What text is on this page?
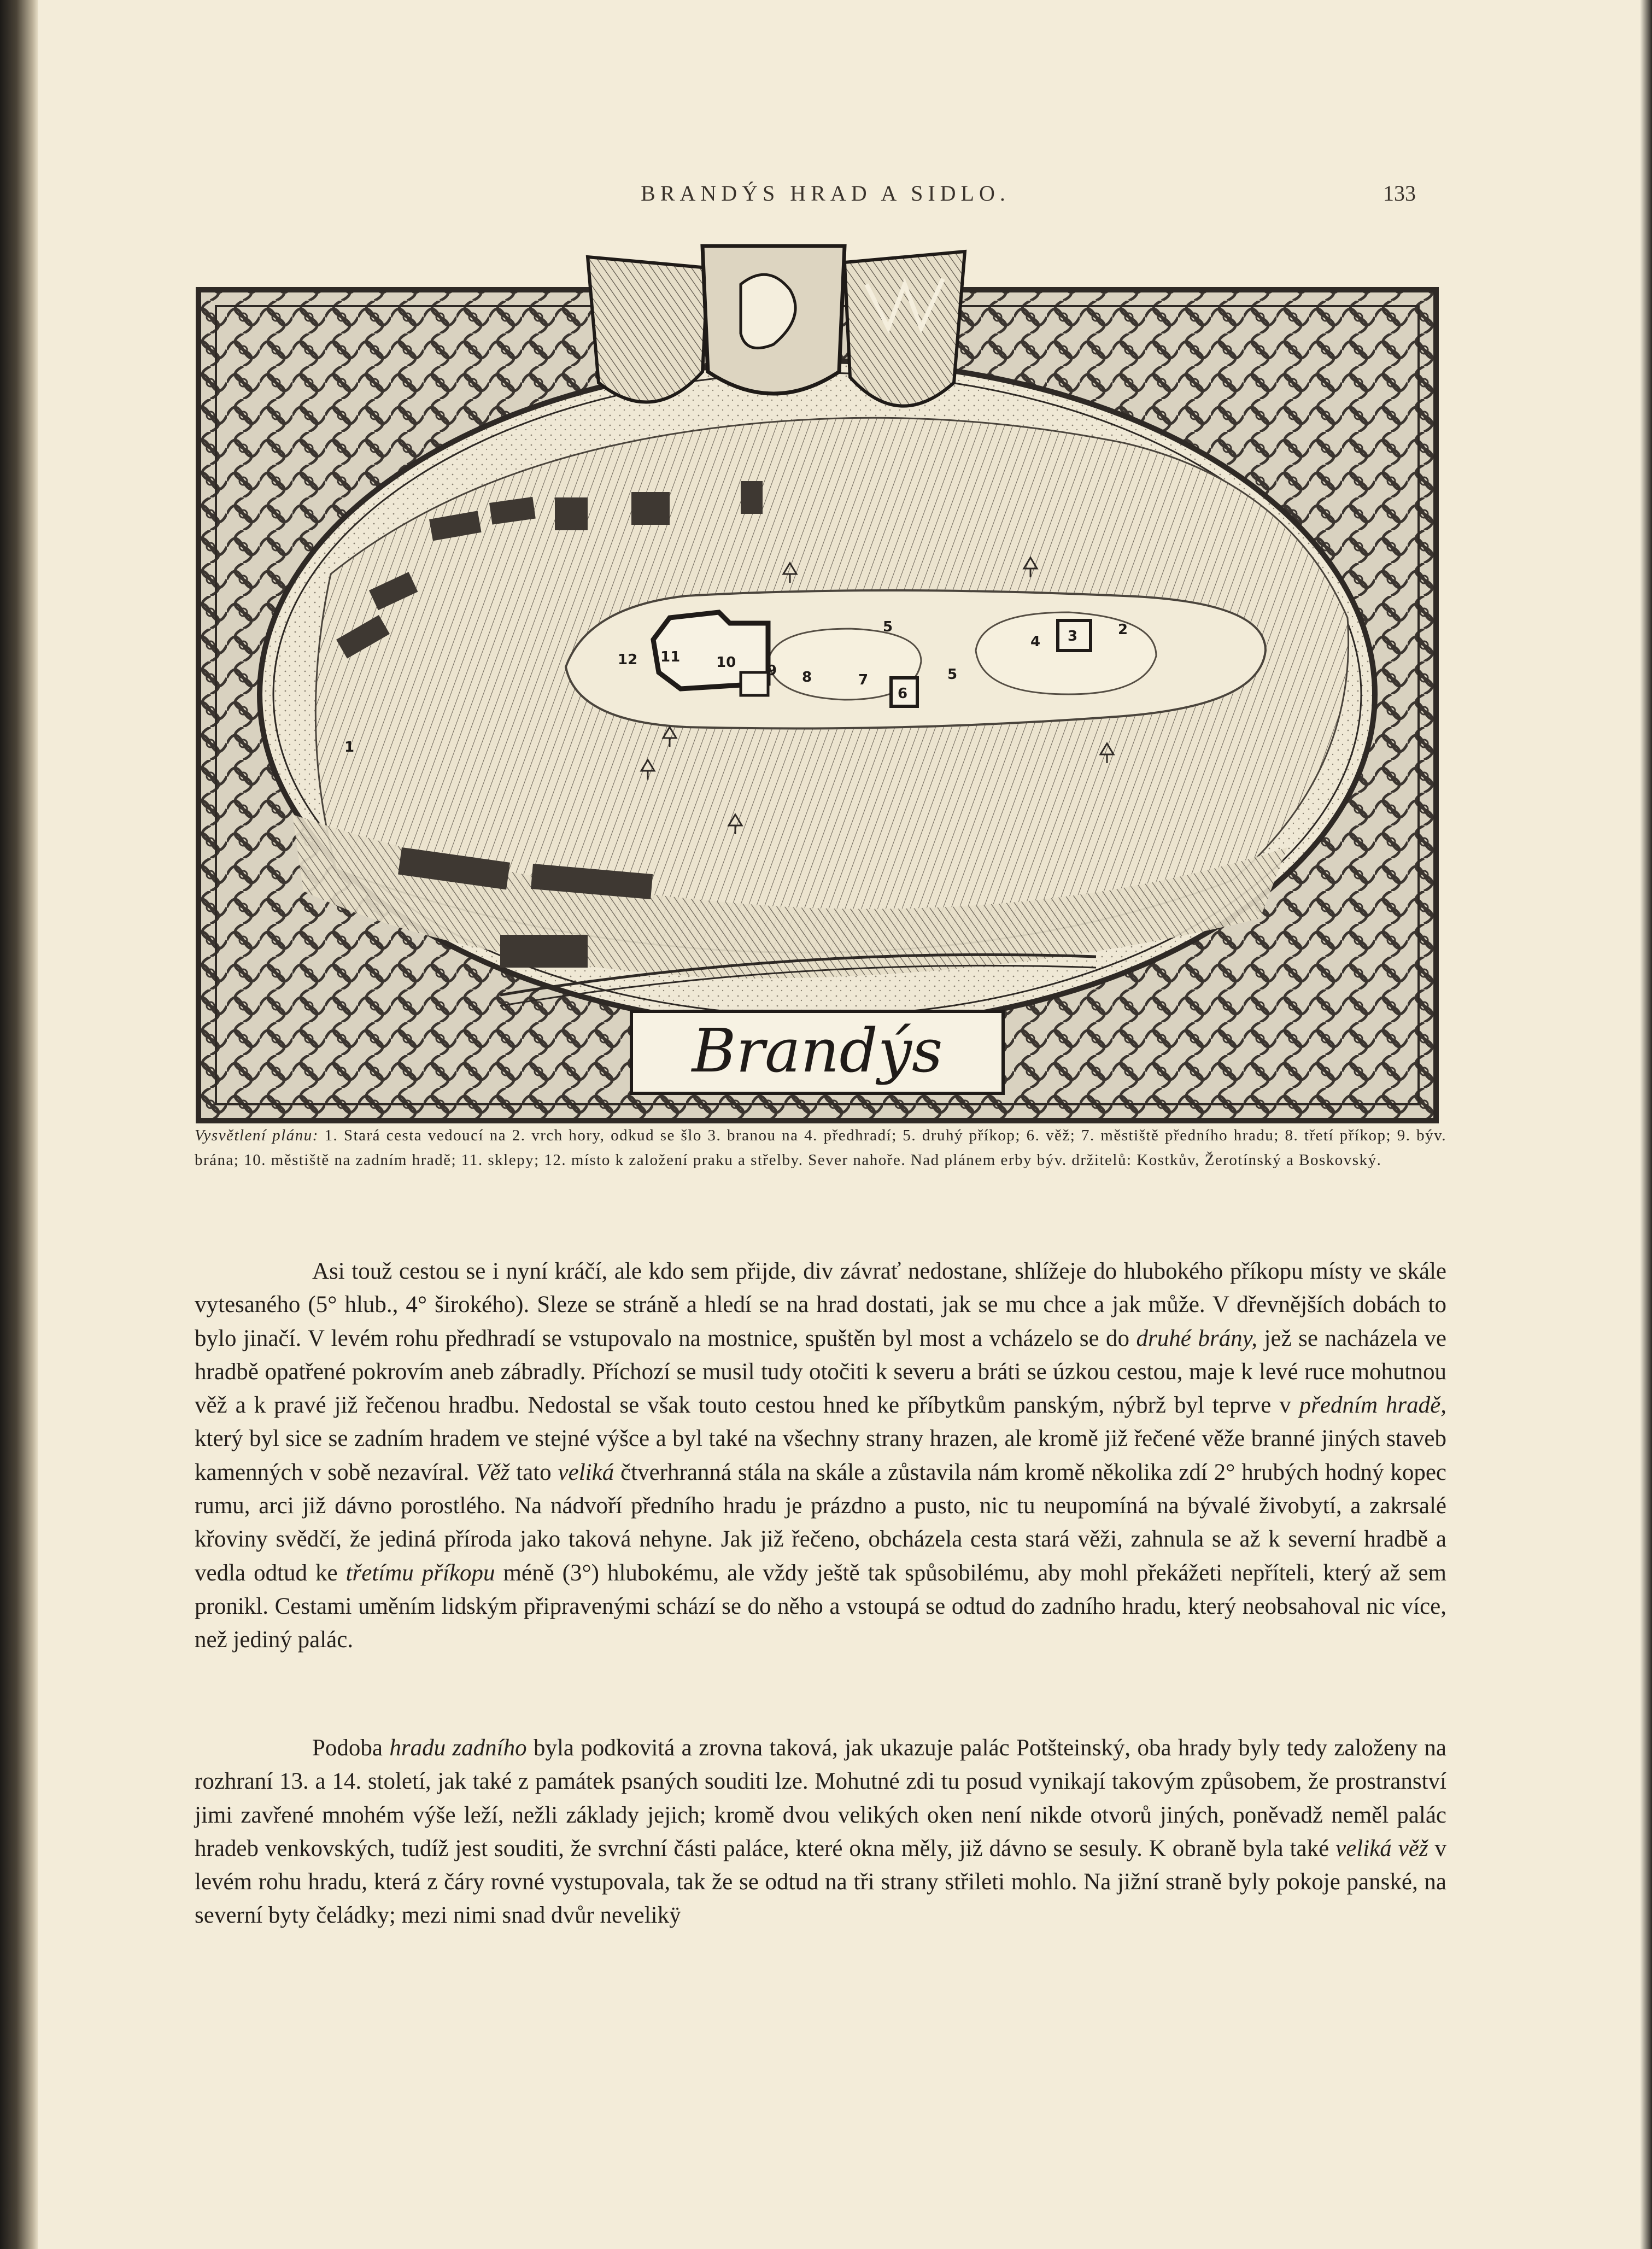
BRANDÝS HRAD A SIDLO.	133
1
2
3
4
5
5
6
7
8
9
10
11
12
Brandýs
Vysvětlení plánu: 1. Stará cesta vedoucí na 2. vrch hory, odkud se šlo 3. branou na 4. předhradí; 5. druhý příkop; 6. věž; 7. městiště předního hradu; 8. třetí příkop; 9. býv. brána; 10. městiště na zadním hradě; 11. sklepy; 12. místo k založení praku a střelby. Sever nahoře. Nad plánem erby býv. držitelů: Kostkův, Žerotínský a Boskovský.

Asi touž cestou se i nyní kráčí, ale kdo sem přijde, div závrať nedostane, shlížeje do hlubokého příkopu místy ve skále vytesaného (5° hlub., 4° širokého). Sleze se stráně a hledí se na hrad dostati, jak se mu chce a jak může. V dřevnějších dobách to bylo jinačí. V levém rohu předhradí se vstupovalo na mostnice, spuštěn byl most a vcházelo se do druhé brány, jež se nacházela ve hradbě opatřené pokrovím aneb zábradly. Příchozí se musil tudy otočiti k severu a bráti se úzkou cestou, maje k levé ruce mohutnou věž a k pravé již řečenou hradbu. Nedostal se však touto cestou hned ke příbytkům panským, nýbrž byl teprve v předním hradě, který byl sice se zadním hradem ve stejné výšce a byl také na všechny strany hrazen, ale kromě již řečené věže branné jiných staveb kamenných v sobě nezavíral. Věž tato veliká čtverhranná stála na skále a zůstavila nám kromě několika zdí 2° hrubých hodný kopec rumu, arci již dávno porostlého. Na nádvoří předního hradu je prázdno a pusto, nic tu neupomíná na bývalé živobytí, a zakrsalé křoviny svědčí, že jediná příroda jako taková nehyne. Jak již řečeno, obcházela cesta stará věži, zahnula se až k severní hradbě a vedla odtud ke třetímu příkopu méně (3°) hlubokému, ale vždy ještě tak spůsobilému, aby mohl překážeti nepříteli, který až sem pronikl. Cestami uměním lidským připravenými schází se do něho a vstoupá se odtud do zadního hradu, který neobsahoval nic více, než jediný palác.

Podoba hradu zadního byla podkovitá a zrovna taková, jak ukazuje palác Potšteinský, oba hrady byly tedy založeny na rozhraní 13. a 14. století, jak také z památek psaných souditi lze. Mohutné zdi tu posud vynikají takovým způsobem, že prostranství jimi zavřené mnohém výše leží, nežli základy jejich; kromě dvou velikých oken není nikde otvorů jiných, poněvadž neměl palác hradeb venkovských, tudíž jest souditi, že svrchní části paláce, které okna měly, již dávno se sesuly. K obraně byla také veliká věž v levém rohu hradu, která z čáry rovné vystupovala, tak že se odtud na tři strany střileti mohlo. Na jižní straně byly pokoje panské, na severní byty čeládky; mezi nimi snad dvůr nevelikÿ
